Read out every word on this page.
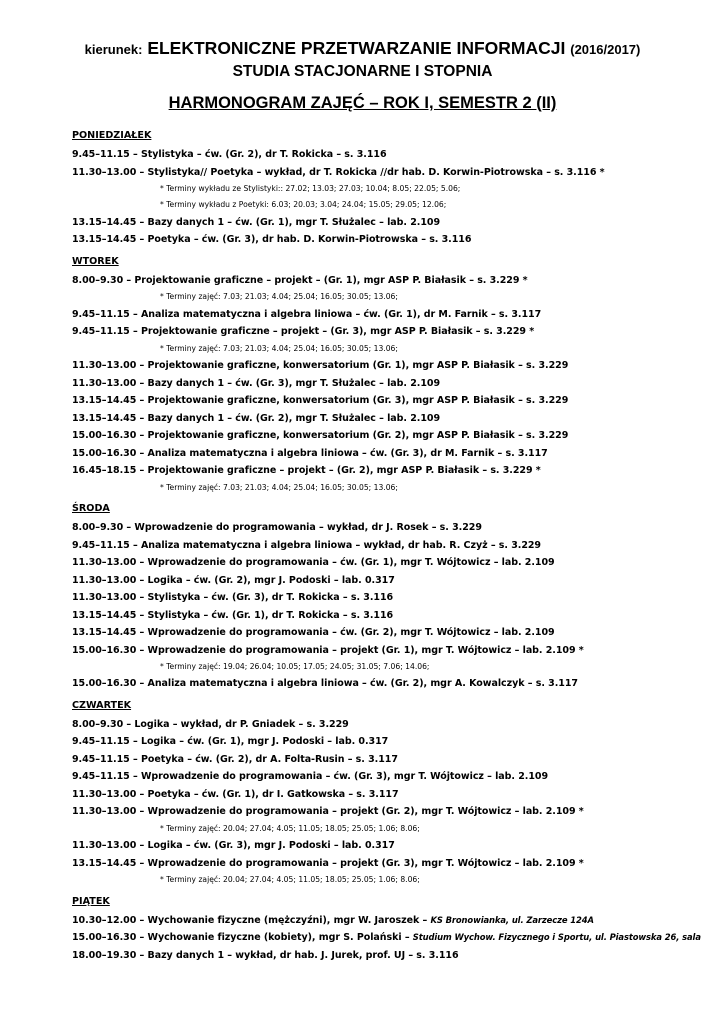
kierunek: ELEKTRONICZNE PRZETWARZANIE INFORMACJI (2016/2017)
STUDIA STACJONARNE I STOPNIA
HARMONOGRAM ZAJĘĆ – ROK I, SEMESTR 2 (II)

PONIEDZIAŁEK

9.45–11.15 – Stylistyka – ćw. (Gr. 2), dr T. Rokicka – s. 3.116

11.30–13.00 – Stylistyka// Poetyka – wykład, dr T. Rokicka //dr hab. D. Korwin-Piotrowska – s. 3.116 *

* Terminy wykładu ze Stylistyki:: 27.02; 13.03; 27.03; 10.04; 8.05; 22.05; 5.06;

* Terminy wykładu z Poetyki: 6.03; 20.03; 3.04; 24.04; 15.05; 29.05; 12.06;

13.15–14.45 – Bazy danych 1 – ćw. (Gr. 1), mgr T. Służalec – lab. 2.109

13.15–14.45 – Poetyka – ćw. (Gr. 3), dr hab. D. Korwin-Piotrowska – s. 3.116

WTOREK

8.00–9.30 – Projektowanie graficzne – projekt – (Gr. 1), mgr ASP P. Białasik – s. 3.229 *

* Terminy zajęć: 7.03; 21.03; 4.04; 25.04; 16.05; 30.05; 13.06;

9.45–11.15 – Analiza matematyczna i algebra liniowa – ćw. (Gr. 1), dr M. Farnik – s. 3.117

9.45–11.15 – Projektowanie graficzne – projekt – (Gr. 3), mgr ASP P. Białasik – s. 3.229 *

* Terminy zajęć: 7.03; 21.03; 4.04; 25.04; 16.05; 30.05; 13.06;

11.30–13.00 – Projektowanie graficzne, konwersatorium (Gr. 1), mgr ASP P. Białasik – s. 3.229

11.30–13.00 – Bazy danych 1 – ćw. (Gr. 3), mgr T. Służalec – lab. 2.109

13.15–14.45 – Projektowanie graficzne, konwersatorium (Gr. 3), mgr ASP P. Białasik – s. 3.229

13.15–14.45 – Bazy danych 1 – ćw. (Gr. 2), mgr T. Służalec – lab. 2.109

15.00–16.30 – Projektowanie graficzne, konwersatorium (Gr. 2), mgr ASP P. Białasik – s. 3.229

15.00–16.30 – Analiza matematyczna i algebra liniowa – ćw. (Gr. 3), dr M. Farnik – s. 3.117

16.45–18.15 – Projektowanie graficzne – projekt – (Gr. 2), mgr ASP P. Białasik – s. 3.229 *

* Terminy zajęć: 7.03; 21.03; 4.04; 25.04; 16.05; 30.05; 13.06;

ŚRODA

8.00–9.30 – Wprowadzenie do programowania – wykład, dr J. Rosek – s. 3.229

9.45–11.15 – Analiza matematyczna i algebra liniowa – wykład, dr hab. R. Czyż – s. 3.229

11.30–13.00 – Wprowadzenie do programowania – ćw. (Gr. 1), mgr T. Wójtowicz – lab. 2.109

11.30–13.00 – Logika – ćw. (Gr. 2), mgr J. Podoski – lab. 0.317

11.30–13.00 – Stylistyka – ćw. (Gr. 3), dr T. Rokicka – s. 3.116

13.15–14.45 – Stylistyka – ćw. (Gr. 1), dr T. Rokicka – s. 3.116

13.15–14.45 – Wprowadzenie do programowania – ćw. (Gr. 2), mgr T. Wójtowicz – lab. 2.109

15.00–16.30 – Wprowadzenie do programowania – projekt (Gr. 1), mgr T. Wójtowicz – lab. 2.109 *

* Terminy zajęć: 19.04; 26.04; 10.05; 17.05; 24.05; 31.05; 7.06; 14.06;

15.00–16.30 – Analiza matematyczna i algebra liniowa – ćw. (Gr. 2), mgr A. Kowalczyk – s. 3.117

CZWARTEK

8.00–9.30 – Logika – wykład, dr P. Gniadek – s. 3.229

9.45–11.15 – Logika – ćw. (Gr. 1), mgr J. Podoski – lab. 0.317

9.45–11.15 – Poetyka – ćw. (Gr. 2), dr A. Folta-Rusin – s. 3.117

9.45–11.15 – Wprowadzenie do programowania – ćw. (Gr. 3), mgr T. Wójtowicz – lab. 2.109

11.30–13.00 – Poetyka – ćw. (Gr. 1), dr I. Gatkowska – s. 3.117

11.30–13.00 – Wprowadzenie do programowania – projekt (Gr. 2), mgr T. Wójtowicz – lab. 2.109 *

* Terminy zajęć: 20.04; 27.04; 4.05; 11.05; 18.05; 25.05; 1.06; 8.06;

11.30–13.00 – Logika – ćw. (Gr. 3), mgr J. Podoski – lab. 0.317

13.15–14.45 – Wprowadzenie do programowania – projekt (Gr. 3), mgr T. Wójtowicz – lab. 2.109 *

* Terminy zajęć: 20.04; 27.04; 4.05; 11.05; 18.05; 25.05; 1.06; 8.06;

PIĄTEK

10.30–12.00 – Wychowanie fizyczne (mężczyźni), mgr W. Jaroszek – KS Bronowianka, ul. Zarzecze 124A

15.00–16.30 – Wychowanie fizyczne (kobiety), mgr S. Polański – Studium Wychow. Fizycznego i Sportu, ul. Piastowska 26, sala

18.00–19.30 – Bazy danych 1 – wykład, dr hab. J. Jurek, prof. UJ – s. 3.116
